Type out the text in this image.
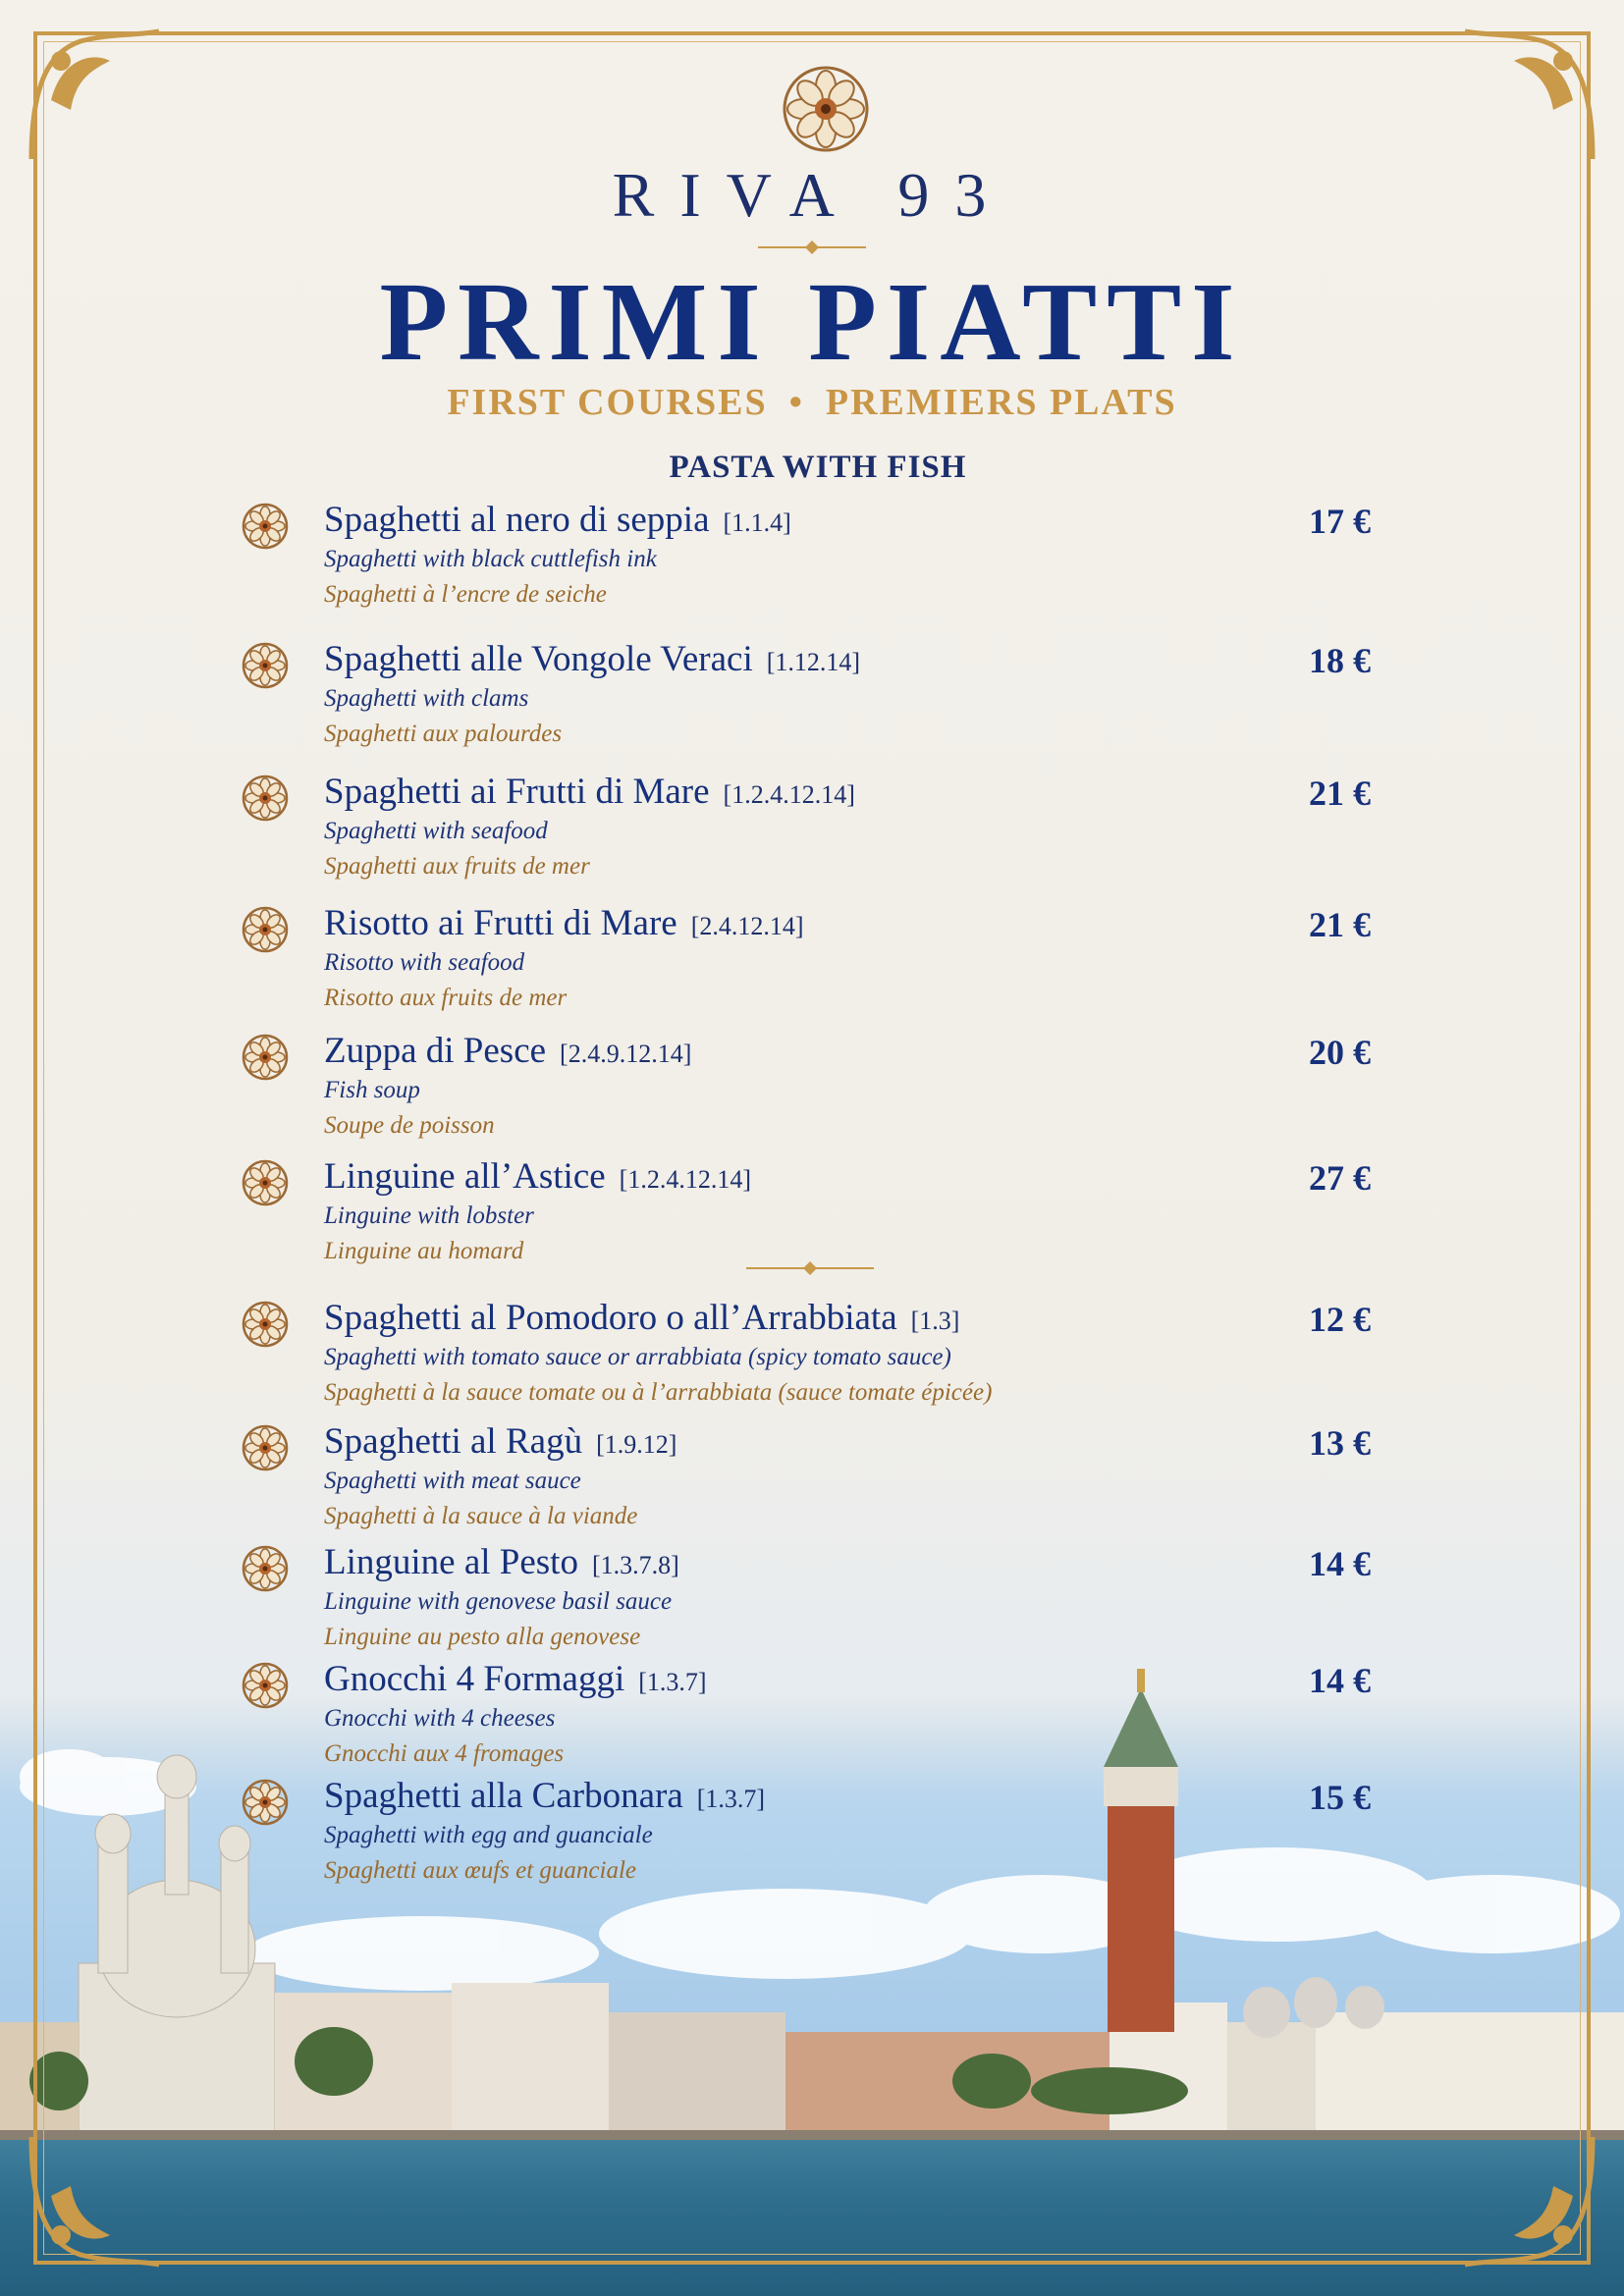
RIVA 93
PRIMI PIATTI
FIRST COURSES • PREMIERS PLATS
PASTA WITH FISH
Spaghetti al nero di seppia [1.1.4]
Spaghetti with black cuttlefish ink
Spaghetti à l’encre de seiche
17 €
Spaghetti alle Vongole Veraci [1.12.14]
Spaghetti with clams
Spaghetti aux palourdes
18 €
Spaghetti ai Frutti di Mare [1.2.4.12.14]
Spaghetti with seafood
Spaghetti aux fruits de mer
21 €
Risotto ai Frutti di Mare [2.4.12.14]
Risotto with seafood
Risotto aux fruits de mer
21 €
Zuppa di Pesce [2.4.9.12.14]
Fish soup
Soupe de poisson
20 €
Linguine all’Astice [1.2.4.12.14]
Linguine with lobster
Linguine au homard
27 €
Spaghetti al Pomodoro o all’Arrabbiata [1.3]
Spaghetti with tomato sauce or arrabbiata (spicy tomato sauce)
Spaghetti à la sauce tomate ou à l’arrabbiata (sauce tomate épicée)
12 €
Spaghetti al Ragù [1.9.12]
Spaghetti with meat sauce
Spaghetti à la sauce à la viande
13 €
Linguine al Pesto [1.3.7.8]
Linguine with genovese basil sauce
Linguine au pesto alla genovese
14 €
Gnocchi 4 Formaggi [1.3.7]
Gnocchi with 4 cheeses
Gnocchi aux 4 fromages
14 €
Spaghetti alla Carbonara [1.3.7]
Spaghetti with egg and guanciale
Spaghetti aux œufs et guanciale
15 €
